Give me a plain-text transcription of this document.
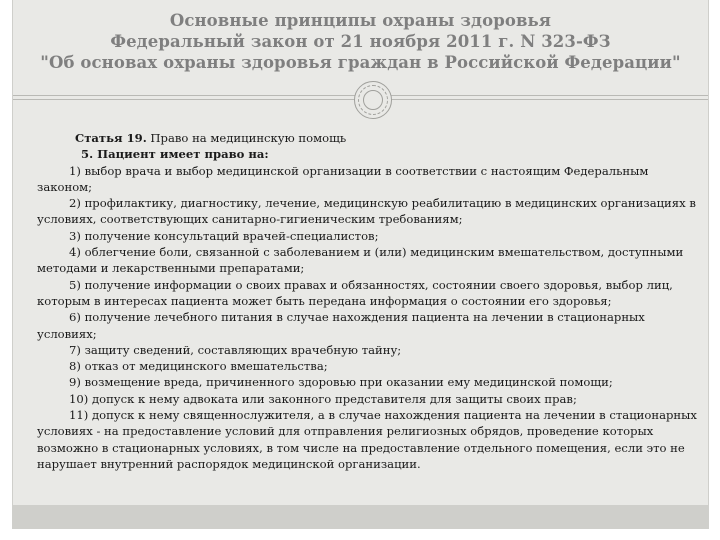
Основные принципы охраны здоровья
Федеральный закон от 21 ноября 2011 г. N 323-ФЗ
"Об основах охраны здоровья граждан в Российской Федерации"

Статья 19. Право на медицинскую помощь

5. Пациент имеет право на:

1) выбор врача и выбор медицинской организации в соответствии с настоящим Федеральным законом;

2) профилактику, диагностику, лечение, медицинскую реабилитацию в медицинских организациях в условиях, соответствующих санитарно-гигиеническим требованиям;

3) получение консультаций врачей-специалистов;

4) облегчение боли, связанной с заболеванием и (или) медицинским вмешательством, доступными методами и лекарственными препаратами;

5) получение информации о своих правах и обязанностях, состоянии своего здоровья, выбор лиц, которым в интересах пациента может быть передана информация о состоянии его здоровья;

6) получение лечебного питания в случае нахождения пациента на лечении в стационарных условиях;

7) защиту сведений, составляющих врачебную тайну;

8) отказ от медицинского вмешательства;

9) возмещение вреда, причиненного здоровью при оказании ему медицинской помощи;

10) допуск к нему адвоката или законного представителя для защиты своих прав;

11) допуск к нему священнослужителя, а в случае нахождения пациента на лечении в стационарных условиях - на предоставление условий для отправления религиозных обрядов, проведение которых возможно в стационарных условиях, в том числе на предоставление отдельного помещения, если это не нарушает внутренний распорядок медицинской организации.
